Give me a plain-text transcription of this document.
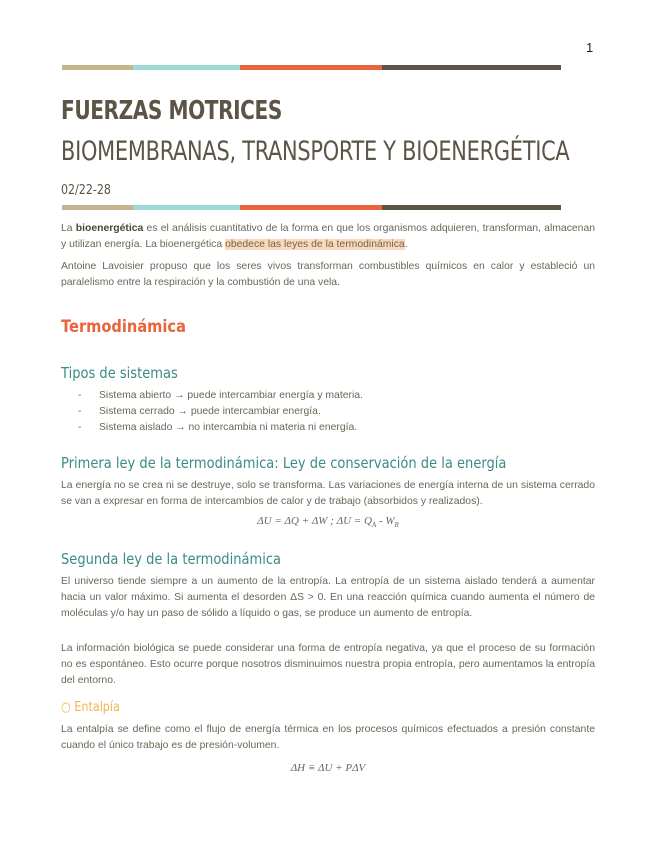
1
FUERZAS MOTRICES
BIOMEMBRANAS, TRANSPORTE Y BIOENERGÉTICA
02/22-28

La bioenergética es el análisis cuantitativo de la forma en que los organismos adquieren, transforman, almacenan y utilizan energía. La bioenergética obedece las leyes de la termodinámica.

Antoine Lavoisier propuso que los seres vivos transforman combustibles químicos en calor y estableció un paralelismo entre la respiración y la combustión de una vela.

Termodinámica
Tipos de sistemas
- Sistema abierto → puede intercambiar energía y materia.
- Sistema cerrado → puede intercambiar energía.
- Sistema aislado → no intercambia ni materia ni energía.
Primera ley de la termodinámica: Ley de conservación de la energía

La energía no se crea ni se destruye, solo se transforma. Las variaciones de energía interna de un sistema cerrado se van a expresar en forma de intercambios de calor y de trabajo (absorbidos y realizados).

ΔU = ΔQ + ΔW ; $\Delta U = Q_A - W_R$
Segunda ley de la termodinámica

El universo tiende siempre a un aumento de la entropía. La entropía de un sistema aislado tenderá a aumentar hacia un valor máximo. Si aumenta el desorden ΔS > 0. En una reacción química cuando aumenta el número de moléculas y/o hay un paso de sólido a líquido o gas, se produce un aumento de entropía.

La información biológica se puede considerar una forma de entropía negativa, ya que el proceso de su formación no es espontáneo. Esto ocurre porque nosotros disminuimos nuestra propia entropía, pero aumentamos la entropía del entorno.

○ Entalpía

La entalpía se define como el flujo de energía térmica en los procesos químicos efectuados a presión constante cuando el único trabajo es de presión-volumen.

ΔH ≡ ΔU + PΔV
